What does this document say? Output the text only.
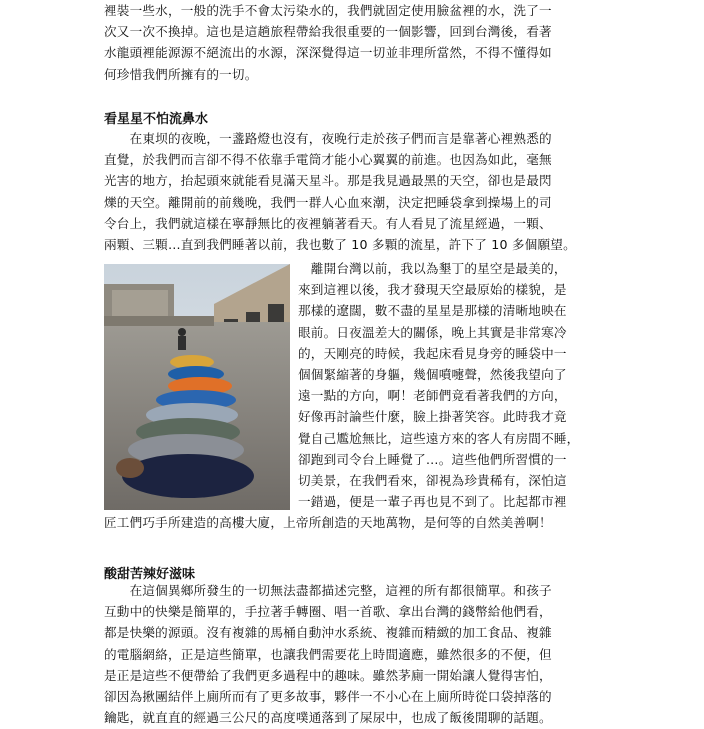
裡裝一些水，一般的洗手不會太污染水的，我們就固定使用臉盆裡的水，洗了一
次又一次不換掉。這也是這趟旅程帶給我很重要的一個影響，回到台灣後，看著
水龍頭裡能源源不絕流出的水源，深深覺得這一切並非理所當然，不得不懂得如
何珍惜我們所擁有的一切。
看星星不怕流鼻水
　　在東坝的夜晚，一盞路燈也沒有，夜晚行走於孩子們而言是靠著心裡熟悉的
直覺，於我們而言卻不得不依靠手電筒才能小心翼翼的前進。也因為如此，毫無
光害的地方，抬起頭來就能看見滿天星斗。那是我見過最黑的天空，卻也是最閃
爍的天空。離開前的前幾晚，我們一群人心血來潮，決定把睡袋拿到操場上的司
令台上，我們就這樣在寧靜無比的夜裡躺著看天。有人看見了流星經過，一顆、
兩顆、三顆…直到我們睡著以前，我也數了 10 多顆的流星，許下了 10 多個願望。
　離開台灣以前，我以為墾丁的星空是最美的，
來到這裡以後，我才發現天空最原始的樣貌，是
那樣的遼闊，數不盡的星星是那樣的清晰地映在
眼前。日夜溫差大的關係，晚上其實是非常寒冷
的，天剛亮的時候，我起床看見身旁的睡袋中一
個個緊縮著的身軀，幾個噴嚏聲，然後我望向了
遠一點的方向，啊！老師們竟看著我們的方向，
好像再討論些什麼，臉上掛著笑容。此時我才竟
覺自己尷尬無比，這些遠方來的客人有房間不睡，
卻跑到司令台上睡覺了…。這些他們所習慣的一
切美景，在我們看來，卻視為珍貴稀有，深怕這
一錯過，便是一輩子再也見不到了。比起都市裡
匠工們巧手所建造的高樓大廈，上帝所創造的天地萬物，是何等的自然美善啊！
酸甜苦辣好滋味
　　在這個異鄉所發生的一切無法盡都描述完整，這裡的所有都很簡單。和孩子
互動中的快樂是簡單的，手拉著手轉圈、唱一首歌、拿出台灣的錢幣給他們看，
都是快樂的源頭。沒有複雜的馬桶自動沖水系統、複雜而精緻的加工食品、複雜
的電腦網絡，正是這些簡單，也讓我們需要花上時間適應，雖然很多的不便，但
是正是這些不便帶給了我們更多過程中的趣味。雖然茅廁一開始讓人覺得害怕，
卻因為揪團結伴上廁所而有了更多故事，夥伴一不小心在上廁所時從口袋掉落的
鑰匙，就直直的經過三公尺的高度噗通落到了屎尿中，也成了飯後閒聊的話題。
